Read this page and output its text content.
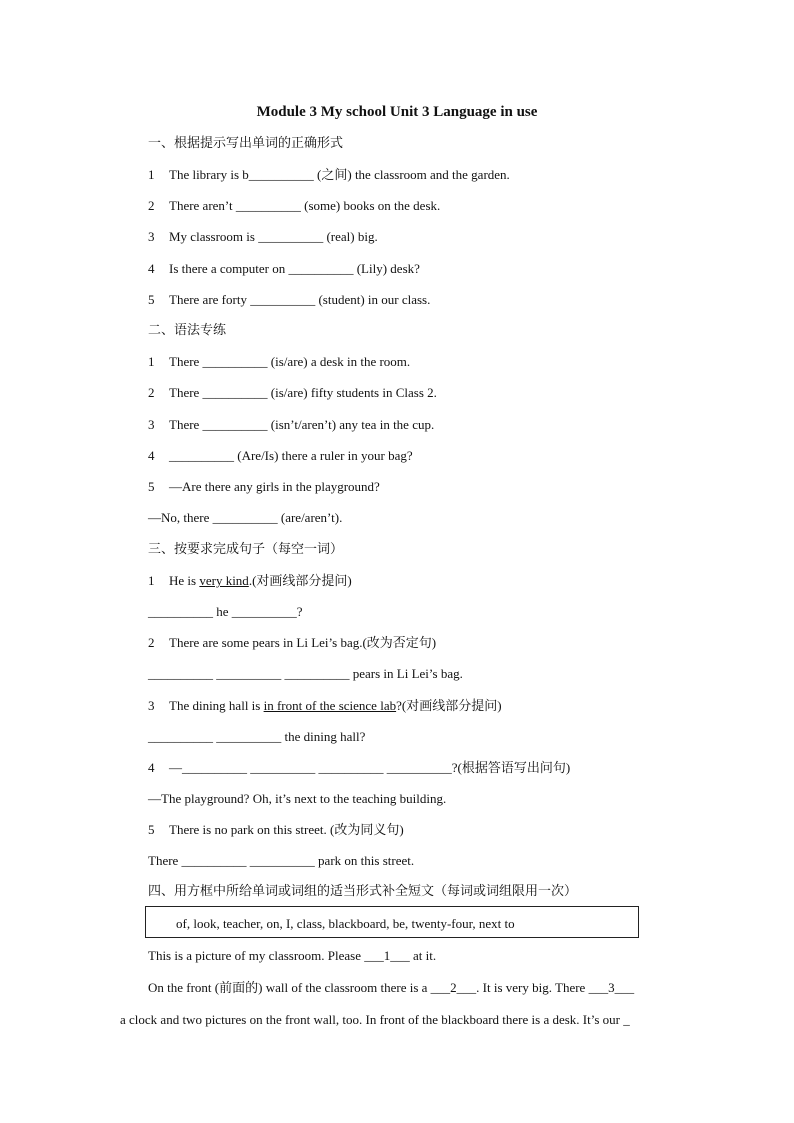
Module 3 My school Unit 3 Language in use
一、根据提示写出单词的正确形式
1 The library is b__________ (之间) the classroom and the garden.
2 There aren’t __________ (some) books on the desk.
3 My classroom is __________ (real) big.
4 Is there a computer on __________ (Lily) desk?
5 There are forty __________ (student) in our class.
二、语法专练
1 There __________ (is/are) a desk in the room.
2 There __________ (is/are) fifty students in Class 2.
3 There __________ (isn’t/aren’t) any tea in the cup.
4 __________ (Are/Is) there a ruler in your bag?
5 —Are there any girls in the playground?
—No, there __________ (are/aren’t).
三、按要求完成句子（每空一词）
1 He is very kind.(对画线部分提问)
__________ he __________?
2 There are some pears in Li Lei’s bag.(改为否定句)
__________ __________ __________ pears in Li Lei’s bag.
3 The dining hall is in front of the science lab?(对画线部分提问)
__________ __________ the dining hall?
4 —__________ __________ __________ __________?(根据答语写出问句)
—The playground? Oh, it’s next to the teaching building.
5 There is no park on this street. (改为同义句)
There __________ __________ park on this street.
四、用方框中所给单词或词组的适当形式补全短文（每词或词组限用一次）
of, look, teacher, on, I, class, blackboard, be, twenty-four, next to
This is a picture of my classroom. Please ___1___ at it.
On the front (前面的) wall of the classroom there is a ___2___. It is very big. There ___3___
a clock and two pictures on the front wall, too. In front of the blackboard there is a desk. It’s our _
